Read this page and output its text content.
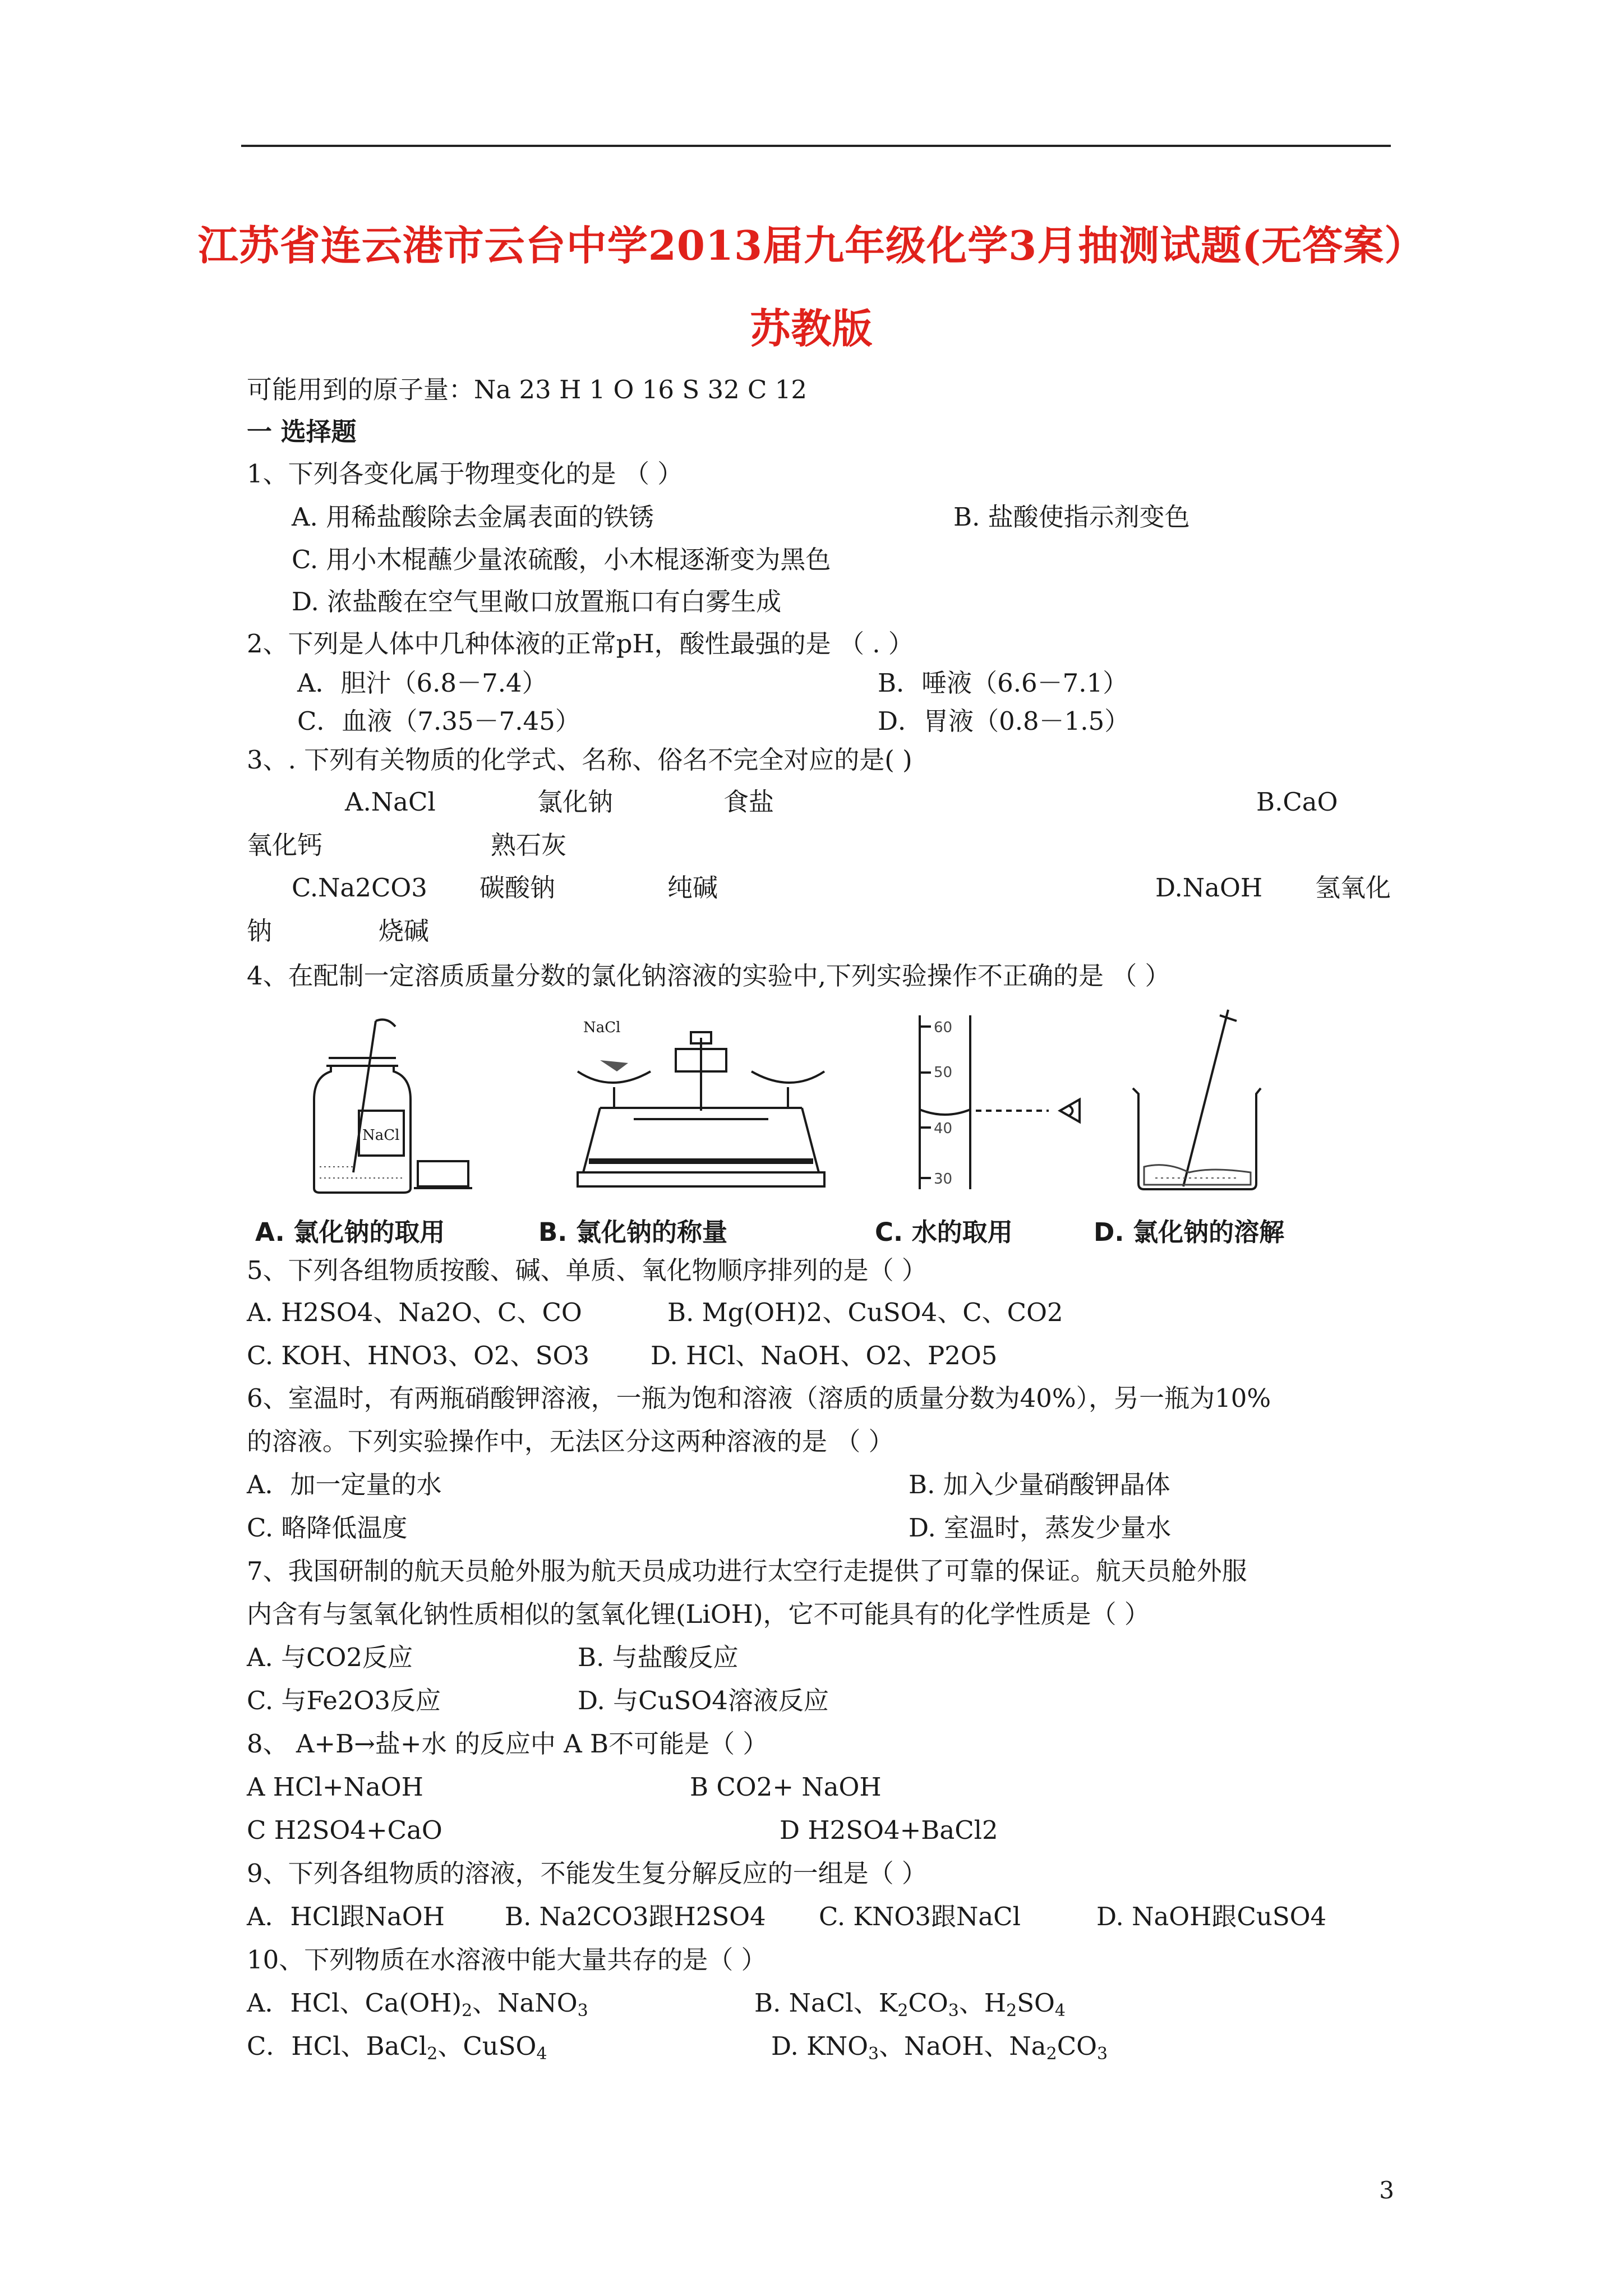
江苏省连云港市云台中学2013届九年级化学3月抽测试题(无答案）
苏教版
可能用到的原子量：Na 23 H 1 O 16 S 32 C 12
一 选择题
1、下列各变化属于物理变化的是 （ ）
A. 用稀盐酸除去金属表面的铁锈	B. 盐酸使指示剂变色
C. 用小木棍蘸少量浓硫酸，小木棍逐渐变为黑色
D. 浓盐酸在空气里敞口放置瓶口有白雾生成
2、下列是人体中几种体液的正常pH，酸性最强的是 （ . ）
A．胆汁（6.8－7.4）	B．唾液（6.6－7.1）
C．血液（7.35－7.45）	D．胃液（0.8－1.5）
3、. 下列有关物质的化学式、名称、俗名不完全对应的是( )
A.NaCl	氯化钠	食盐	B.CaO
氧化钙	熟石灰
C.Na2CO3 碳酸钠	纯碱	D.NaOH 氢氧化
钠	烧碱
4、在配制一定溶质质量分数的氯化钠溶液的实验中,下列实验操作不正确的是 （ ）
NaCl
NaCl	60
50
40
30
A. 氯化钠的取用	B. 氯化钠的称量	C. 水的取用	D. 氯化钠的溶解
5、下列各组物质按酸、碱、单质、氧化物顺序排列的是（ ）
A. H2SO4、Na2O、C、CO	B. Mg(OH)2、CuSO4、C、CO2
C. KOH、HNO3、O2、SO3 D. HCl、NaOH、O2、P2O5
6、室温时，有两瓶硝酸钾溶液，一瓶为饱和溶液（溶质的质量分数为40%），另一瓶为10%
的溶液。下列实验操作中，无法区分这两种溶液的是 （ ）
A．加一定量的水	B. 加入少量硝酸钾晶体
C. 略降低温度	D. 室温时，蒸发少量水
7、我国研制的航天员舱外服为航天员成功进行太空行走提供了可靠的保证。航天员舱外服
内含有与氢氧化钠性质相似的氢氧化锂(LiOH)，它不可能具有的化学性质是（ ）
A. 与CO2反应	B. 与盐酸反应
C. 与Fe2O3反应	D. 与CuSO4溶液反应
8、 A+B→盐+水 的反应中 A B不可能是（ ）
A HCl+NaOH	B CO2+ NaOH
C H2SO4+CaO	D H2SO4+BaCl2
9、下列各组物质的溶液，不能发生复分解反应的一组是（ ）
A．HCl跟NaOH B. Na2CO3跟H2SO4 C. KNO3跟NaCl	D. NaOH跟CuSO4
10、下列物质在水溶液中能大量共存的是（ ）
A．HCl、$Ca(OH)_2$、NaNO$_3$	B. NaCl、$K_2CO_3$、$H_2SO_4$
C．HCl、BaCl$_2$、CuSO$_4$	D. $KNO_3$、NaOH、$Na_2CO_3$
3
